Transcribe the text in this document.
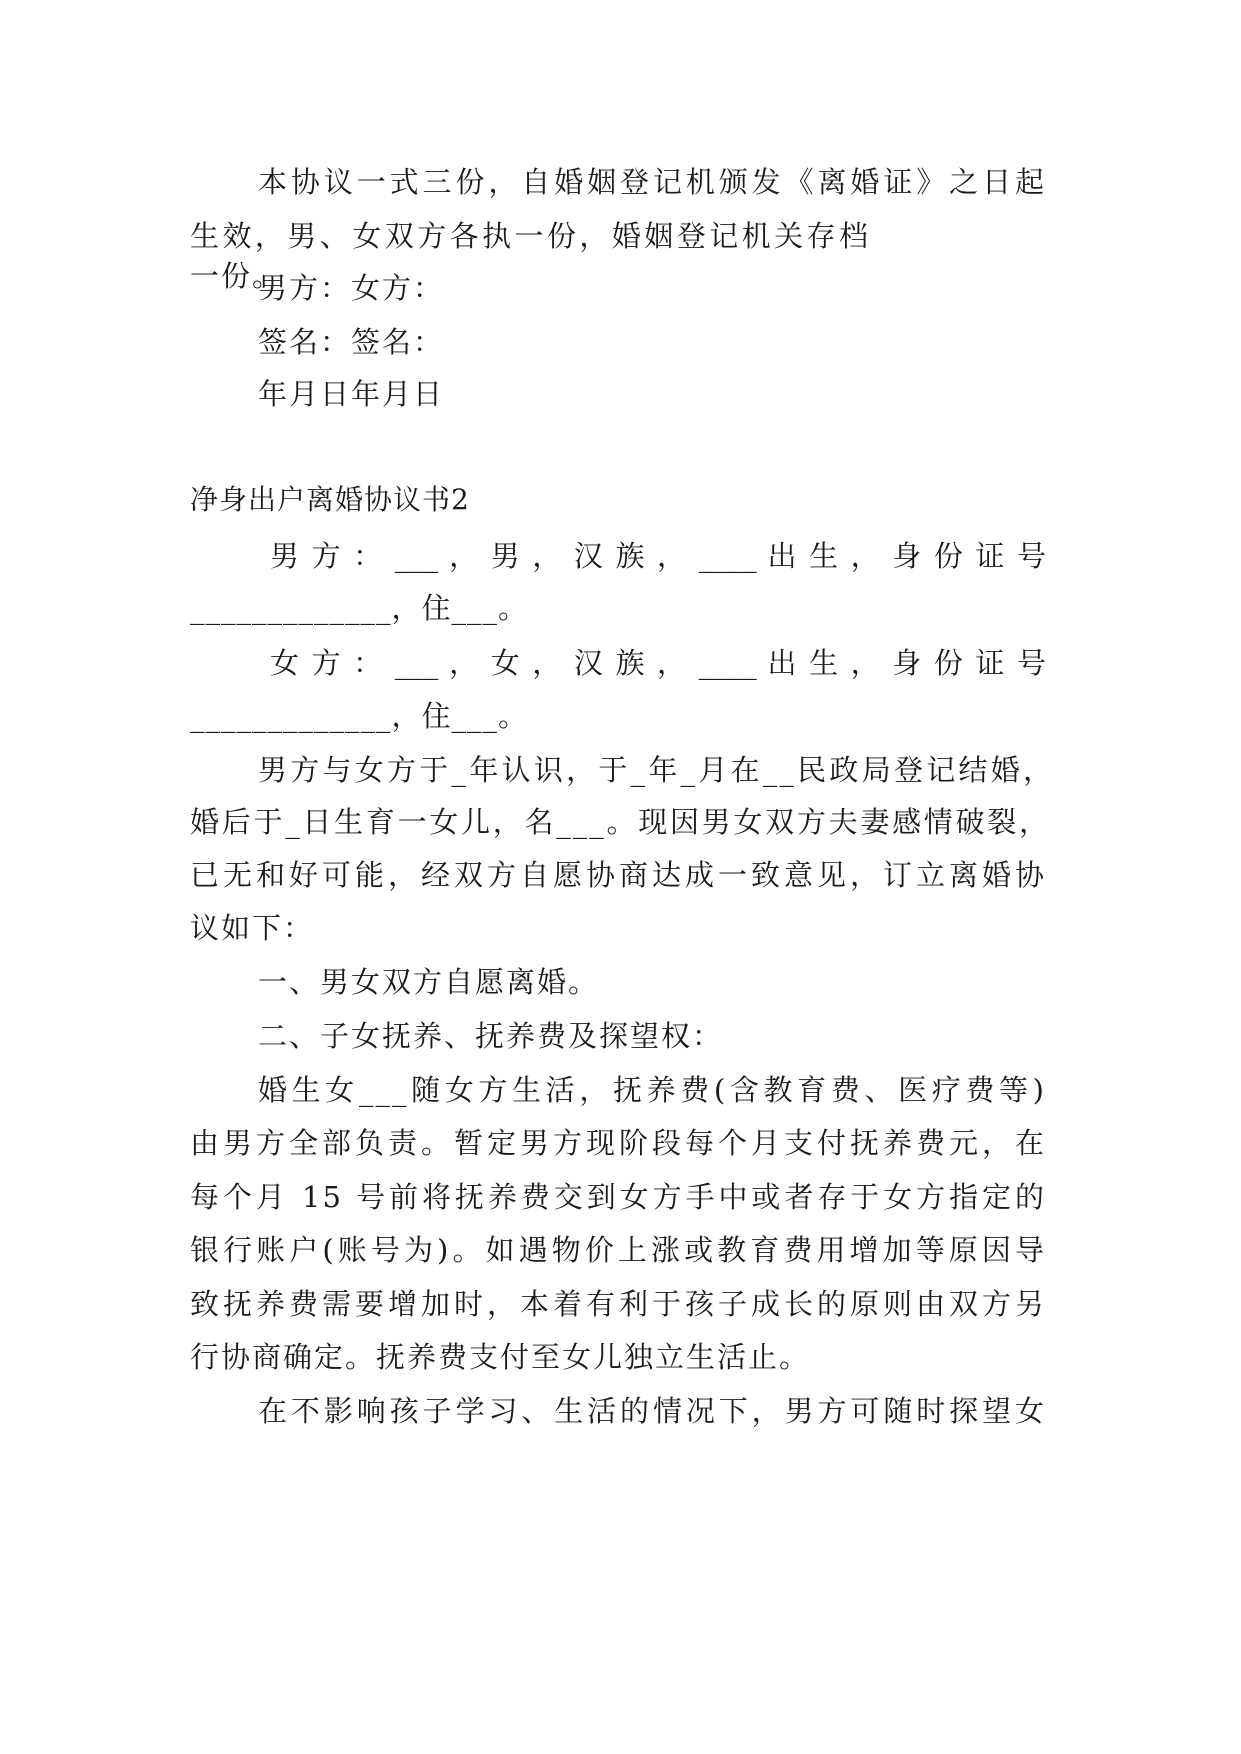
本协议一式三份，自婚姻登记机颁发《离婚证》之日起
生效，男、女双方各执一份，婚姻登记机关存档一份。
男方：女方：
签名：签名：
年月日年月日
净身出户离婚协议书2
男 方 ： ___ ， 男 ， 汉 族 ， ____ 出 生 ， 身 份 证 号
_____________，住___。
女 方 ： ___ ， 女 ， 汉 族 ， ____ 出 生 ， 身 份 证 号
_____________，住___。
男方与女方于_年认识，于_年_月在__民政局登记结婚，
婚后于_日生育一女儿，名___。现因男女双方夫妻感情破裂，
已无和好可能，经双方自愿协商达成一致意见，订立离婚协
议如下：
一、男女双方自愿离婚。
二、子女抚养、抚养费及探望权：
婚生女___随女方生活，抚养费(含教育费、医疗费等)
由男方全部负责。暂定男方现阶段每个月支付抚养费元，在
每个月 15 号前将抚养费交到女方手中或者存于女方指定的
银行账户(账号为)。如遇物价上涨或教育费用增加等原因导
致抚养费需要增加时，本着有利于孩子成长的原则由双方另
行协商确定。抚养费支付至女儿独立生活止。
在不影响孩子学习、生活的情况下，男方可随时探望女
